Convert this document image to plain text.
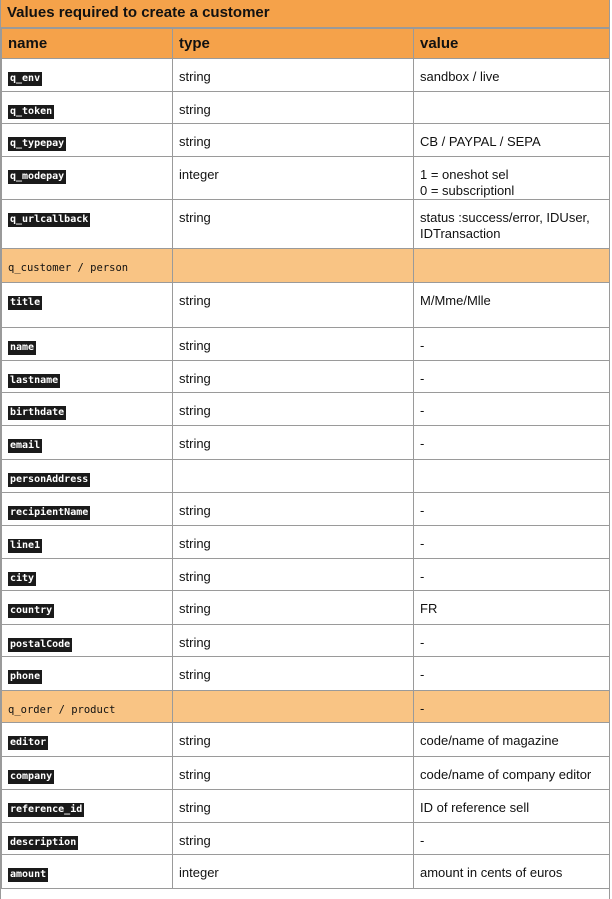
Values required to create a customer
name	type	value
q_env	string	sandbox / live
q_token	string	
q_typepay	string	CB / PAYPAL / SEPA
q_modepay	integer	1 = oneshot sel
0 = subscriptionl
q_urlcallback	string	status :success/error, IDUser, IDTransaction
q_customer / person		
title	string	M/Mme/Mlle
name	string	-
lastname	string	-
birthdate	string	-
email	string	-
personAddress		
recipientName	string	-
line1	string	-
city	string	-
country	string	FR
postalCode	string	-
phone	string	-
q_order / product		-
editor	string	code/name of magazine
company	string	code/name of company editor
reference_id	string	ID of reference sell
description	string	-
amount	integer	amount in cents of euros
